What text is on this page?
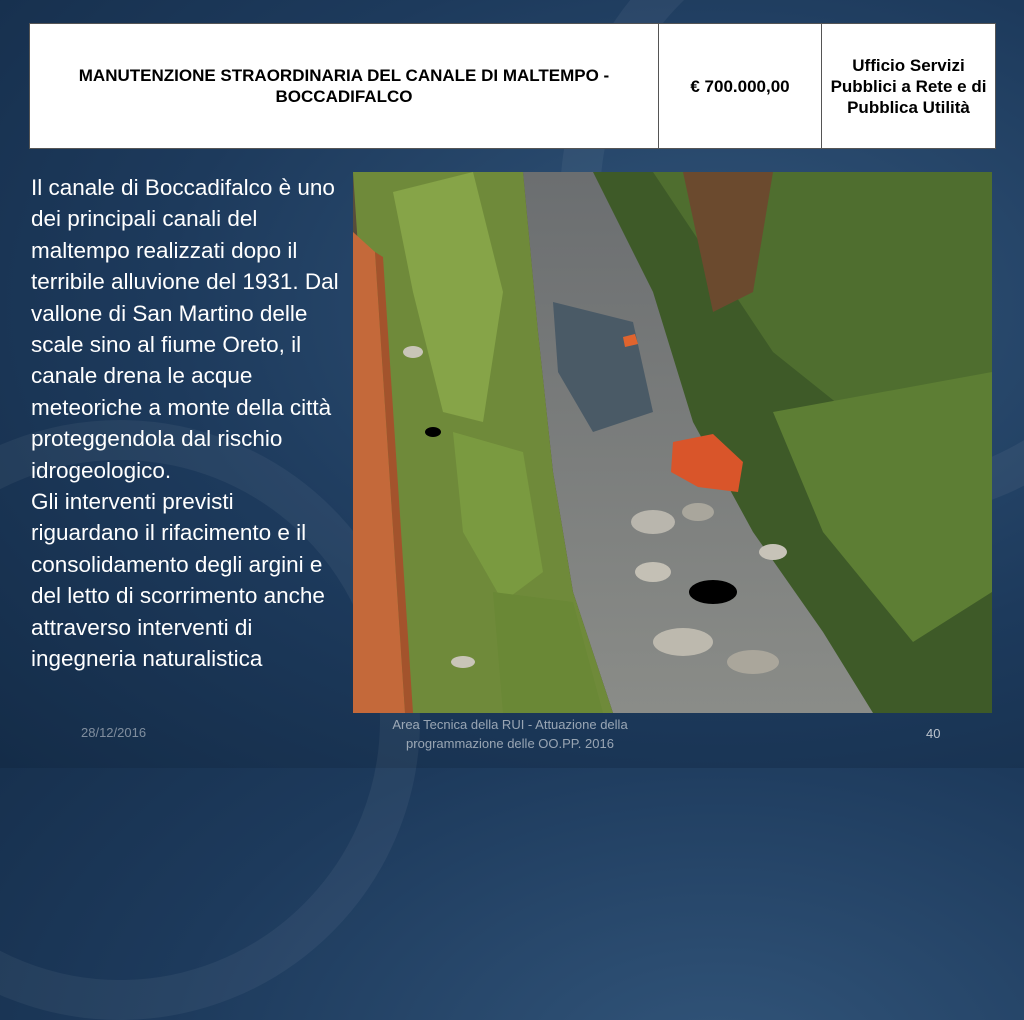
MANUTENZIONE STRAORDINARIA DEL CANALE DI MALTEMPO - BOCCADIFALCO	€ 700.000,00	Ufficio Servizi Pubblici a Rete e di Pubblica Utilità
Il canale di Boccadifalco è uno dei principali canali del maltempo realizzati dopo il terribile alluvione del 1931. Dal vallone di San Martino delle scale sino al fiume Oreto, il canale drena le acque meteoriche a monte della città proteggendola dal rischio idrogeologico.
Gli interventi previsti riguardano il rifacimento e il consolidamento degli argini e del letto di scorrimento anche attraverso interventi di ingegneria naturalistica
28/12/2016
Area Tecnica della RUI - Attuazione della programmazione delle OO.PP. 2016
40
